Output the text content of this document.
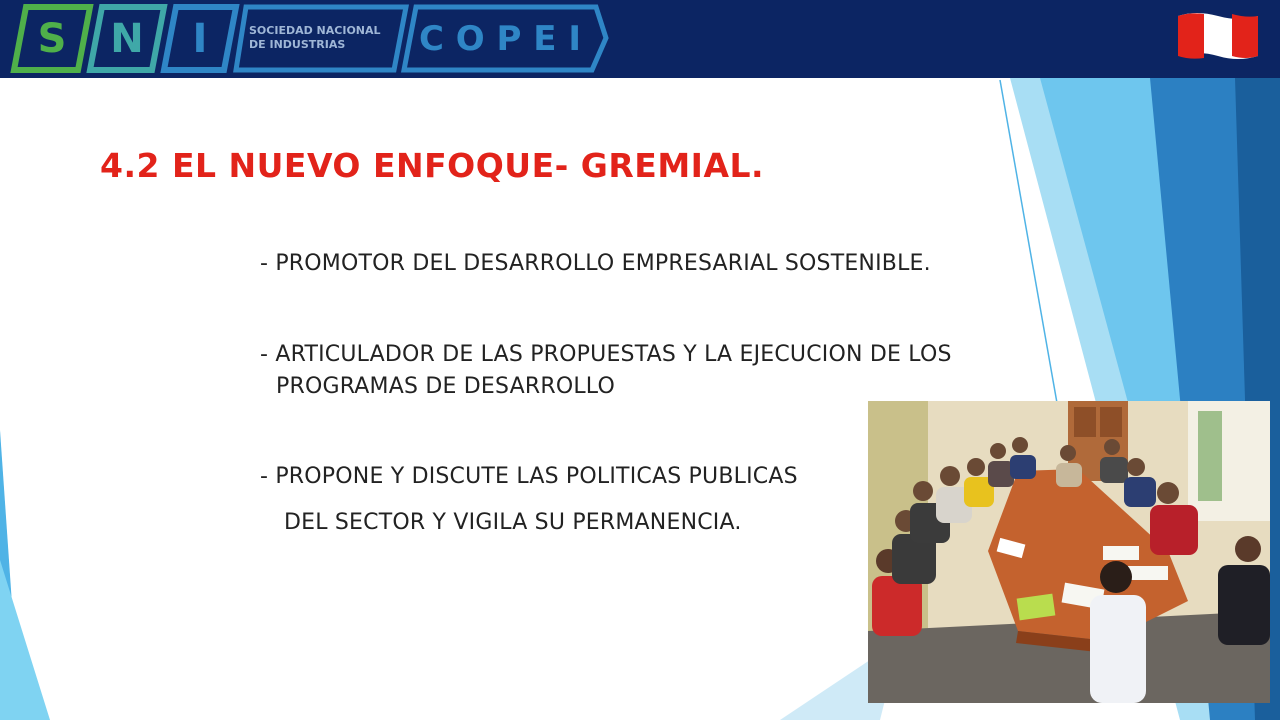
S N I	SOCIEDAD NACIONAL
DE INDUSTRIAS C O P E I
4.2 EL NUEVO ENFOQUE- GREMIAL.
- PROMOTOR DEL DESARROLLO EMPRESARIAL SOSTENIBLE.
- ARTICULADOR DE LAS PROPUESTAS Y LA EJECUCION DE LOS
PROGRAMAS DE DESARROLLO
- PROPONE Y DISCUTE LAS POLITICAS PUBLICAS
DEL SECTOR Y VIGILA SU PERMANENCIA.
